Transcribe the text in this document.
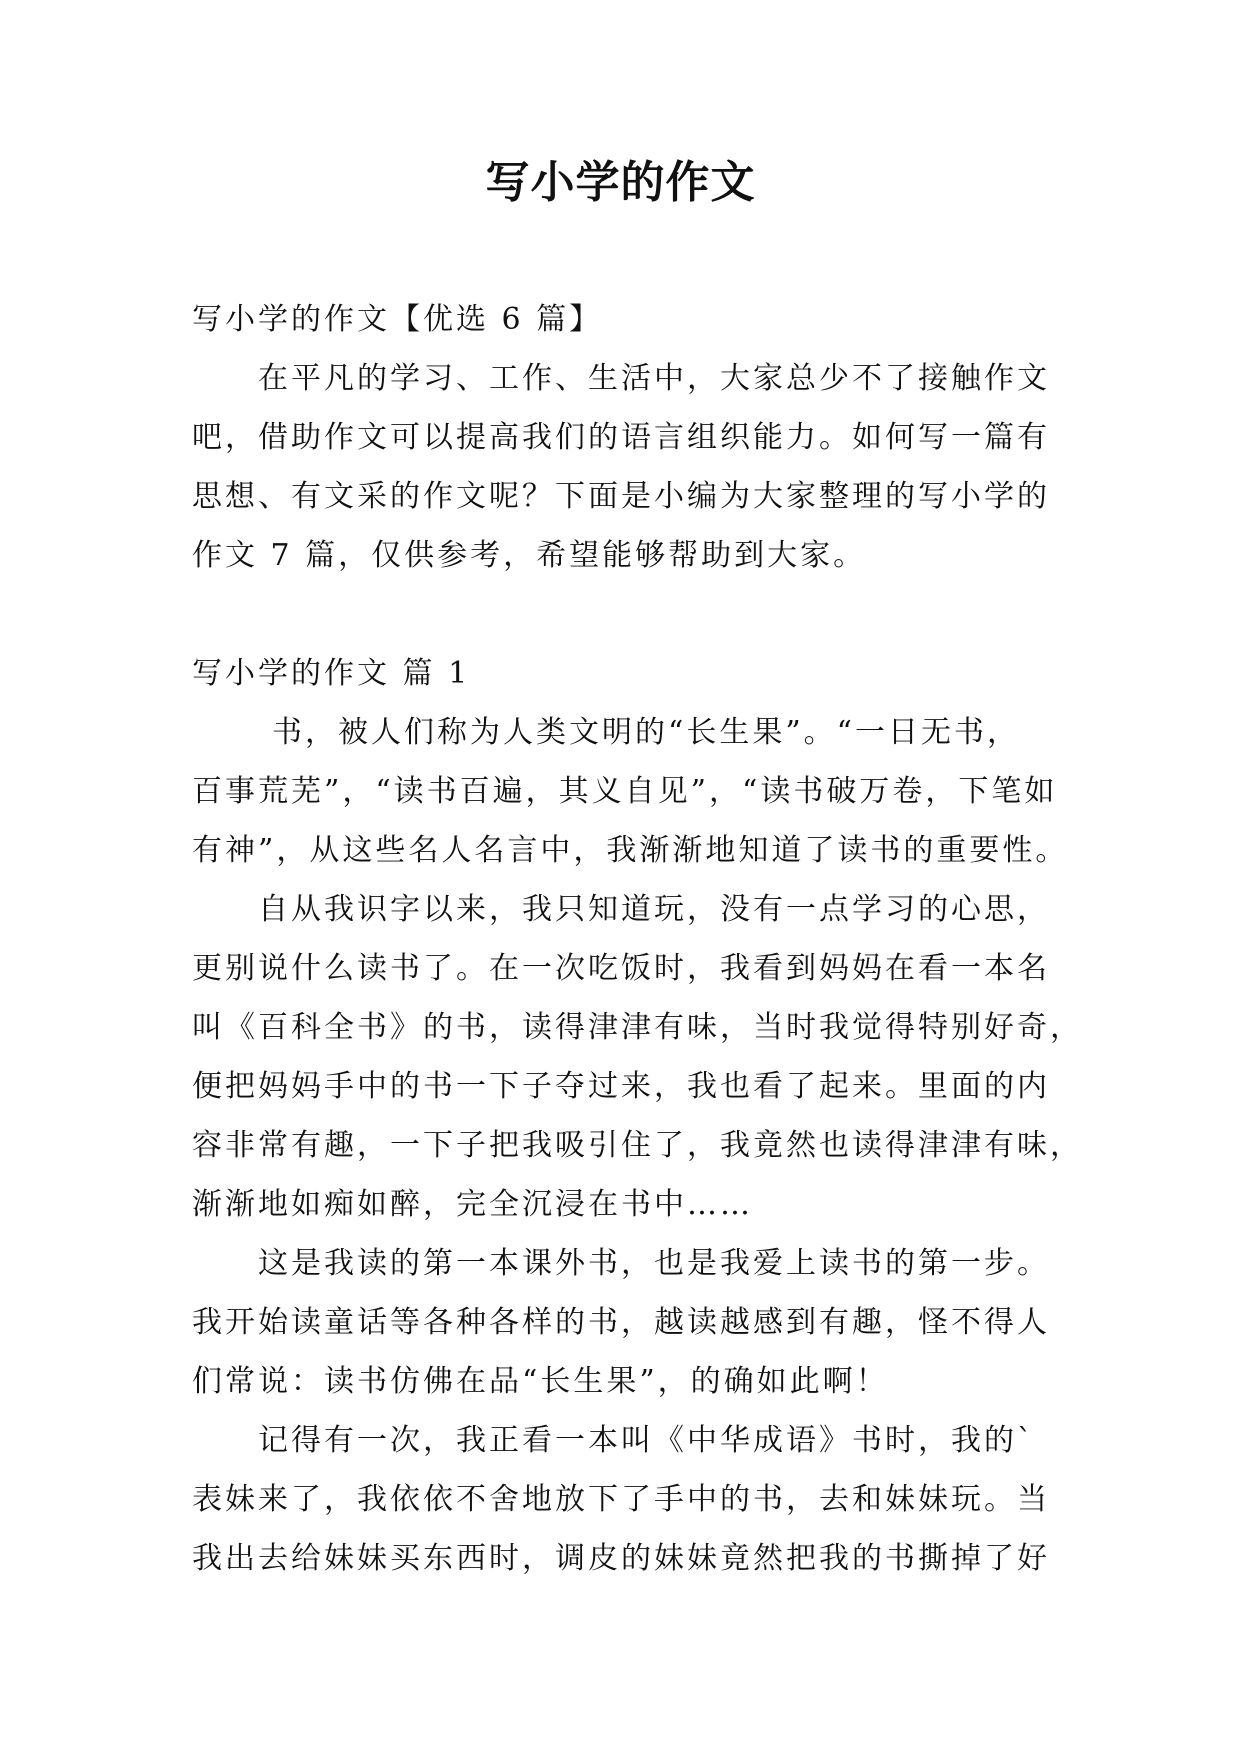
写小学的作文

写小学的作文【优选 6 篇】

在平凡的学习、工作、生活中，大家总少不了接触作文

吧，借助作文可以提高我们的语言组织能力。如何写一篇有

思想、有文采的作文呢？下面是小编为大家整理的写小学的

作文 7 篇，仅供参考，希望能够帮助到大家。

写小学的作文 篇 1

书，被人们称为人类文明的“长生果”。“一日无书，

百事荒芜”，“读书百遍，其义自见”，“读书破万卷，下笔如

有神”，从这些名人名言中，我渐渐地知道了读书的重要性。

自从我识字以来，我只知道玩，没有一点学习的心思，

更别说什么读书了。在一次吃饭时，我看到妈妈在看一本名

叫《百科全书》的书，读得津津有味，当时我觉得特别好奇，

便把妈妈手中的书一下子夺过来，我也看了起来。里面的内

容非常有趣，一下子把我吸引住了，我竟然也读得津津有味，

渐渐地如痴如醉，完全沉浸在书中……

这是我读的第一本课外书，也是我爱上读书的第一步。

我开始读童话等各种各样的书，越读越感到有趣，怪不得人

们常说：读书仿佛在品“长生果”，的确如此啊！

记得有一次，我正看一本叫《中华成语》书时，我的`

表妹来了，我依依不舍地放下了手中的书，去和妹妹玩。当

我出去给妹妹买东西时，调皮的妹妹竟然把我的书撕掉了好
